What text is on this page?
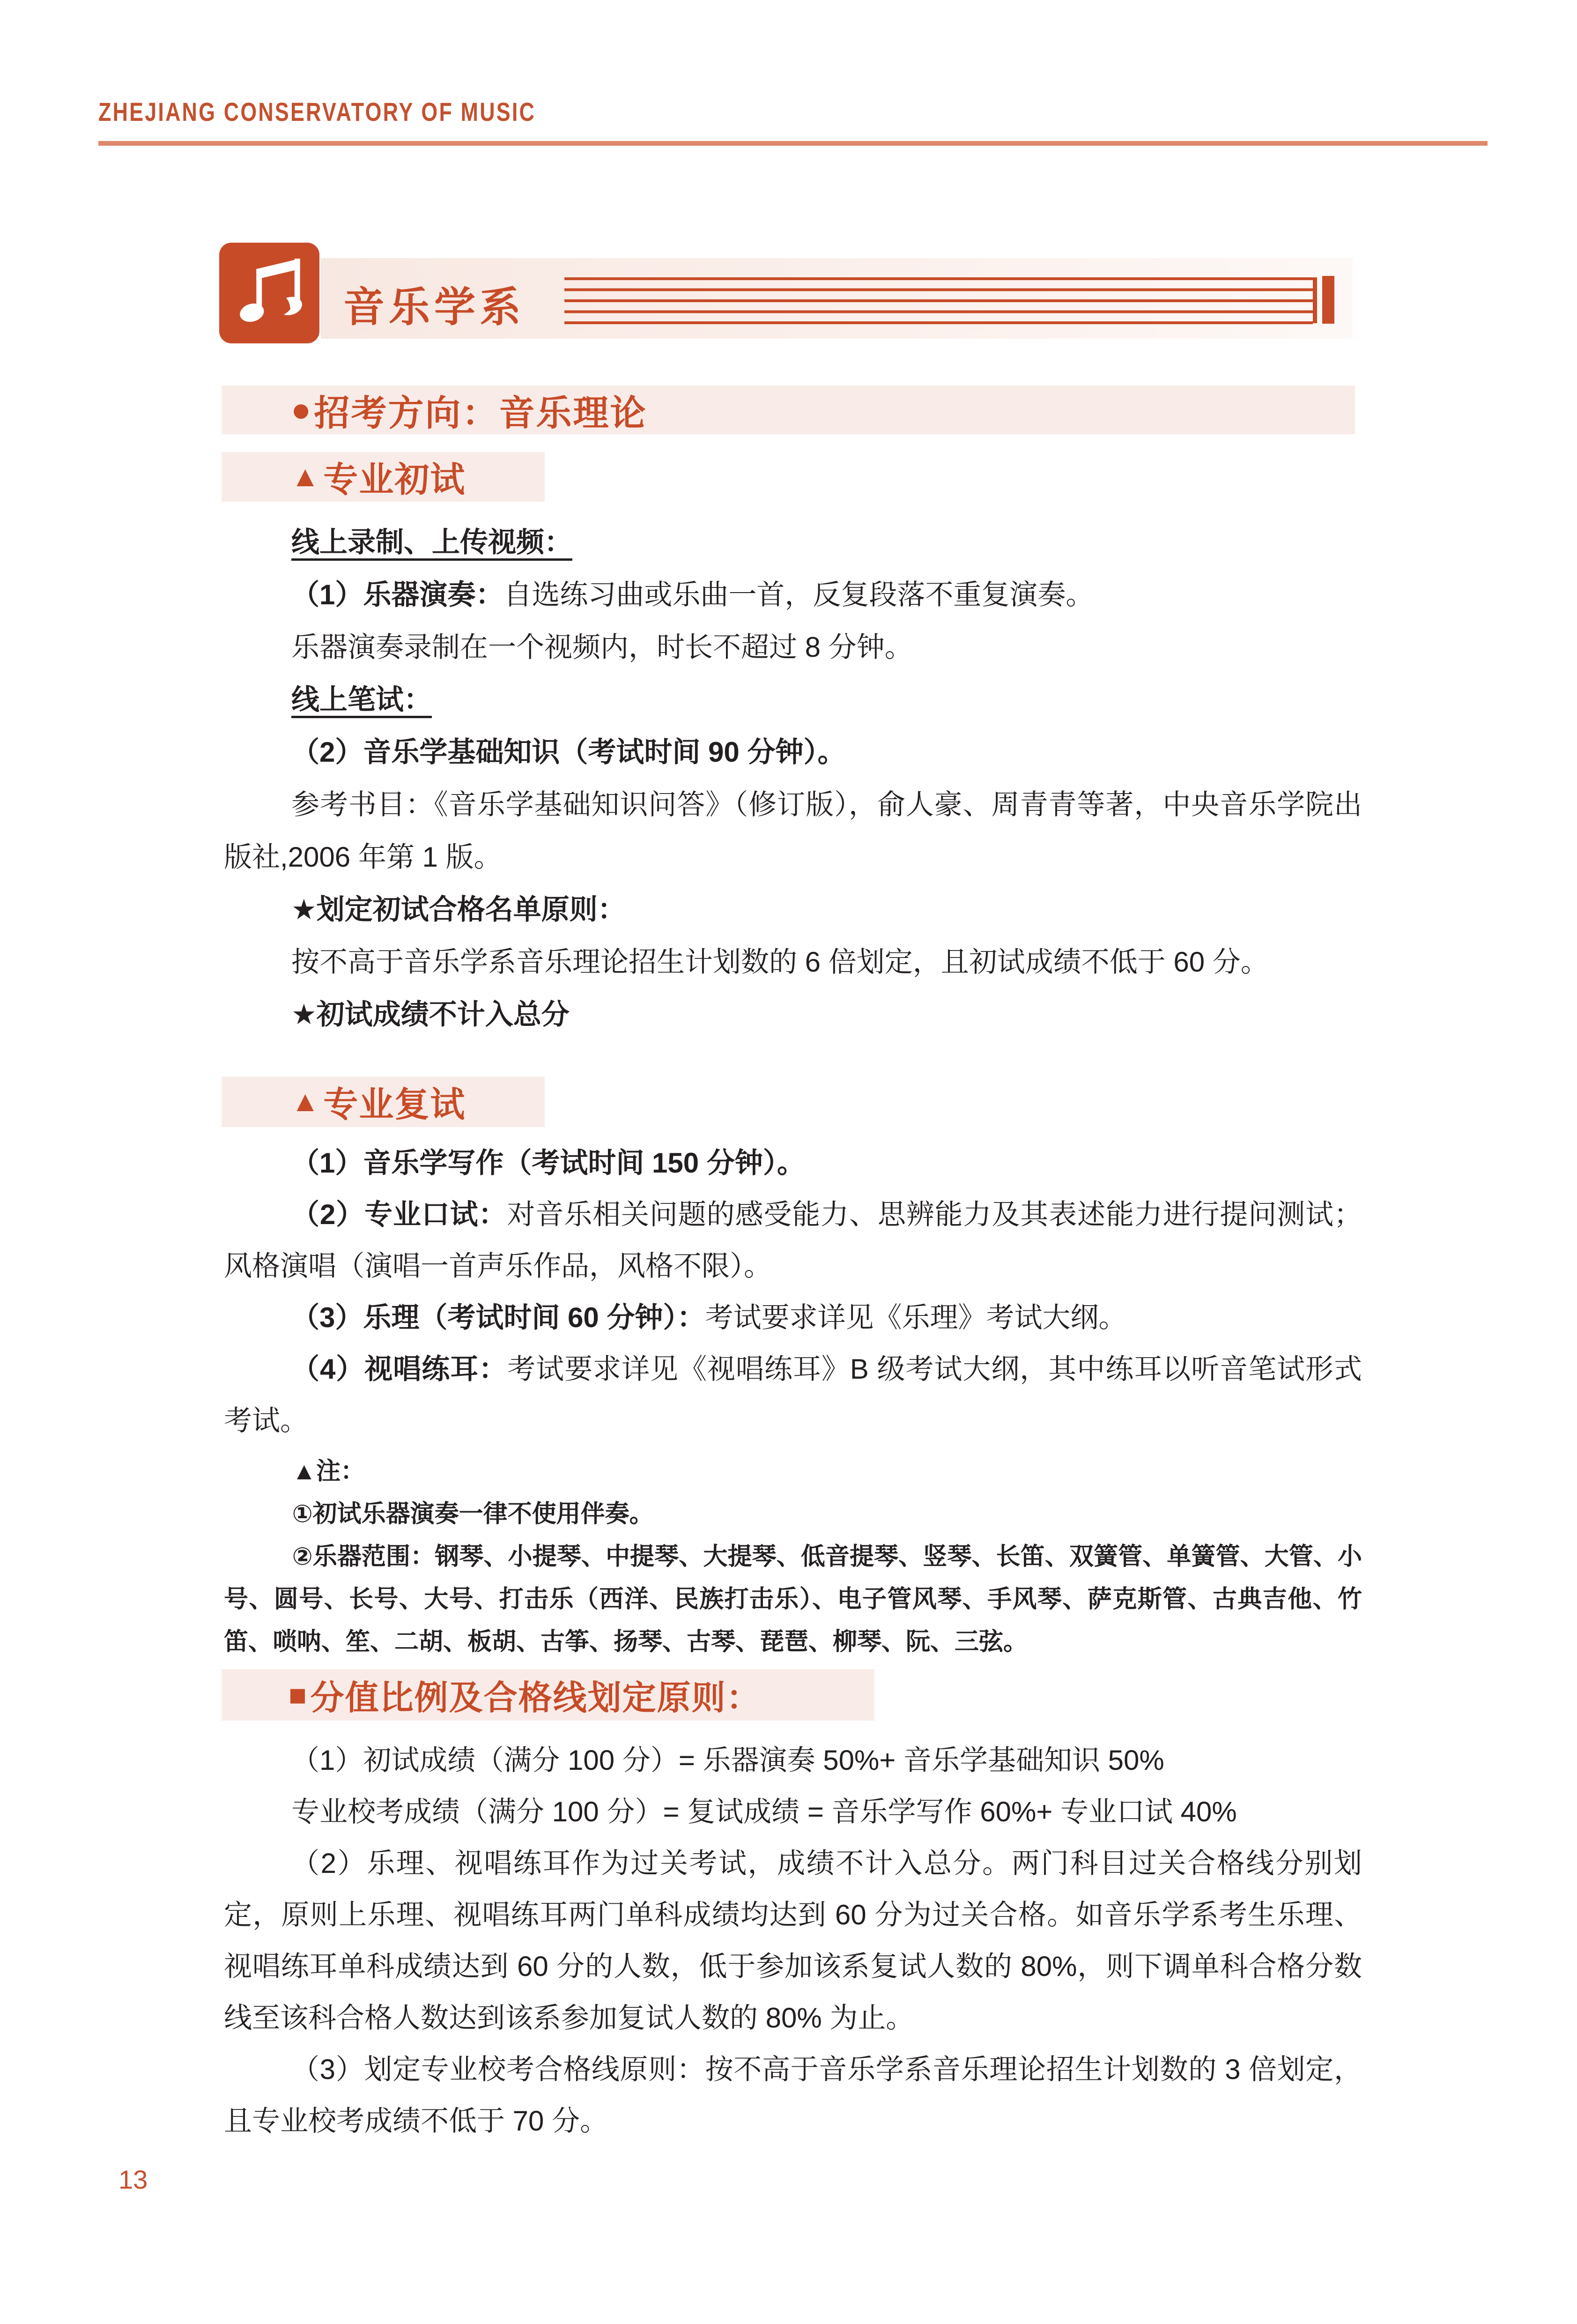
ZHEJIANG CONSERVATORY OF MUSIC
音乐学系
● 招考方向：音乐理论
▲ 专业初试

线上录制、上传视频：

（1）乐器演奏：自选练习曲或乐曲一首，反复段落不重复演奏。

乐器演奏录制在一个视频内，时长不超过 8 分钟。

线上笔试：

（2）音乐学基础知识（考试时间 90 分钟）。

参考书目：《音乐学基础知识问答》（修订版），俞人豪、周青青等著，中央音乐学院出版社,2006 年第 1 版。

★划定初试合格名单原则：

按不高于音乐学系音乐理论招生计划数的 6 倍划定，且初试成绩不低于 60 分。

★初试成绩不计入总分

▲ 专业复试

（1）音乐学写作（考试时间 150 分钟）。

（2）专业口试：对音乐相关问题的感受能力、思辨能力及其表述能力进行提问测试；风格演唱（演唱一首声乐作品，风格不限）。

（3）乐理（考试时间 60 分钟）：考试要求详见《乐理》考试大纲。

（4）视唱练耳：考试要求详见《视唱练耳》B 级考试大纲，其中练耳以听音笔试形式考试。

▲注：

①初试乐器演奏一律不使用伴奏。

②乐器范围：钢琴、小提琴、中提琴、大提琴、低音提琴、竖琴、长笛、双簧管、单簧管、大管、小号、圆号、长号、大号、打击乐（西洋、民族打击乐）、电子管风琴、手风琴、萨克斯管、古典吉他、竹笛、唢呐、笙、二胡、板胡、古筝、扬琴、古琴、琵琶、柳琴、阮、三弦。

■ 分值比例及合格线划定原则：

（1）初试成绩（满分 100 分）= 乐器演奏 50%+ 音乐学基础知识 50%

专业校考成绩（满分 100 分）= 复试成绩 = 音乐学写作 60%+ 专业口试 40%

（2）乐理、视唱练耳作为过关考试，成绩不计入总分。两门科目过关合格线分别划定，原则上乐理、视唱练耳两门单科成绩均达到 60 分为过关合格。如音乐学系考生乐理、视唱练耳单科成绩达到 60 分的人数，低于参加该系复试人数的 80%，则下调单科合格分数线至该科合格人数达到该系参加复试人数的 80% 为止。

（3）划定专业校考合格线原则：按不高于音乐学系音乐理论招生计划数的 3 倍划定，且专业校考成绩不低于 70 分。

13
